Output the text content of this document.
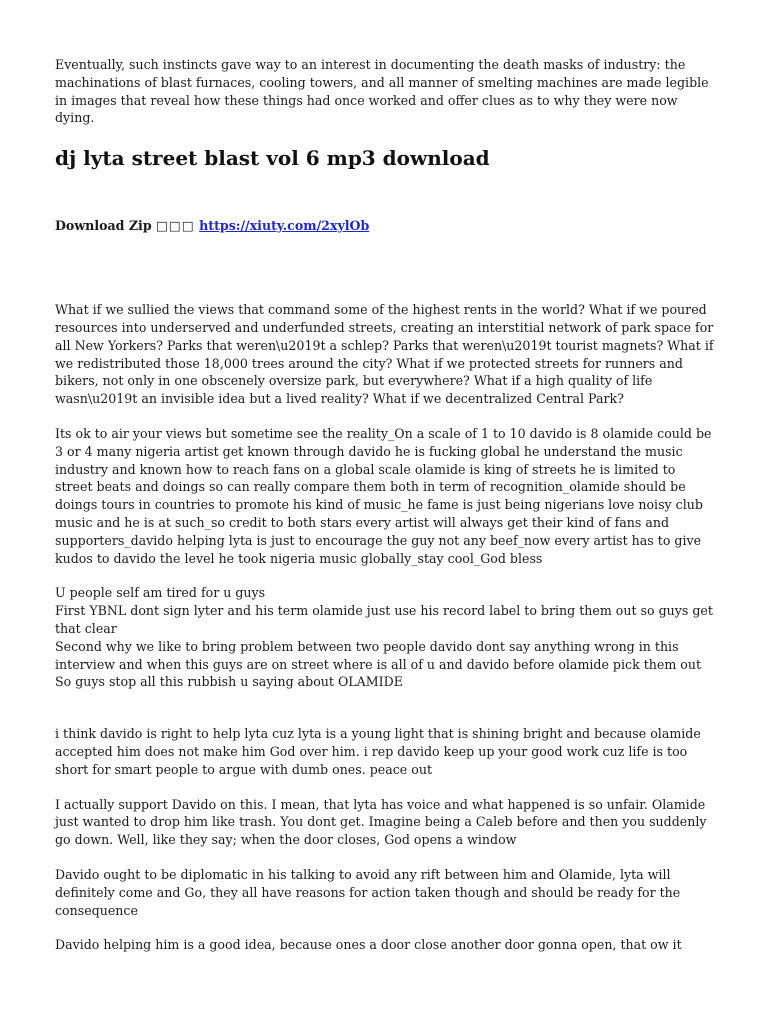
Eventually, such instincts gave way to an interest in documenting the death masks of industry: the machinations of blast furnaces, cooling towers, and all manner of smelting machines are made legible in images that reveal how these things had once worked and offer clues as to why they were now dying.

dj lyta street blast vol 6 mp3 download
Download Zip □□□ https://xiuty.com/2xylOb

What if we sullied the views that command some of the highest rents in the world? What if we poured resources into underserved and underfunded streets, creating an interstitial network of park space for all New Yorkers? Parks that weren\u2019t a schlep? Parks that weren\u2019t tourist magnets? What if we redistributed those 18,000 trees around the city? What if we protected streets for runners and bikers, not only in one obscenely oversize park, but everywhere? What if a high quality of life wasn\u2019t an invisible idea but a lived reality? What if we decentralized Central Park?

Its ok to air your views but sometime see the reality_On a scale of 1 to 10 davido is 8 olamide could be 3 or 4 many nigeria artist get known through davido he is fucking global he understand the music industry and known how to reach fans on a global scale olamide is king of streets he is limited to street beats and doings so can really compare them both in term of recognition_olamide should be doings tours in countries to promote his kind of music_he fame is just being nigerians love noisy club music and he is at such_so credit to both stars every artist will always get their kind of fans and supporters_davido helping lyta is just to encourage the guy not any beef_now every artist has to give kudos to davido the level he took nigeria music globally_stay cool_God bless

U people self am tired for u guys
First YBNL dont sign lyter and his term olamide just use his record label to bring them out so guys get that clear
Second why we like to bring problem between two people davido dont say anything wrong in this interview and when this guys are on street where is all of u and davido before olamide pick them out
So guys stop all this rubbish u saying about OLAMIDE

i think davido is right to help lyta cuz lyta is a young light that is shining bright and because olamide accepted him does not make him God over him. i rep davido keep up your good work cuz life is too short for smart people to argue with dumb ones. peace out

I actually support Davido on this. I mean, that lyta has voice and what happened is so unfair. Olamide just wanted to drop him like trash. You dont get. Imagine being a Caleb before and then you suddenly go down. Well, like they say; when the door closes, God opens a window

Davido ought to be diplomatic in his talking to avoid any rift between him and Olamide, lyta will definitely come and Go, they all have reasons for action taken though and should be ready for the consequence

Davido helping him is a good idea, because ones a door close another door gonna open, that ow it
